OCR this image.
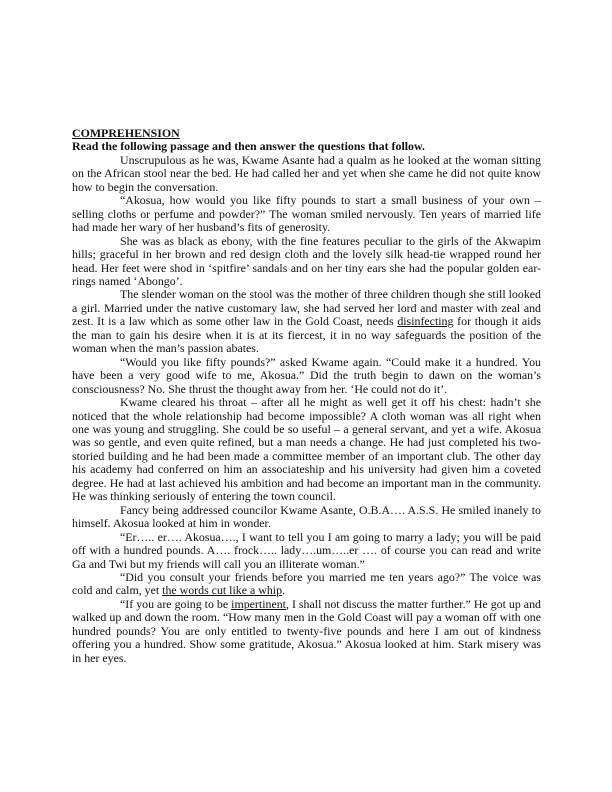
COMPREHENSION

Read the following passage and then answer the questions that follow.

Unscrupulous as he was, Kwame Asante had a qualm as he looked at the woman sitting on the African stool near the bed. He had called her and yet when she came he did not quite know how to begin the conversation.

“Akosua, how would you like fifty pounds to start a small business of your own – selling cloths or perfume and powder?” The woman smiled nervously. Ten years of married life had made her wary of her husband’s fits of generosity.

She was as black as ebony, with the fine features peculiar to the girls of the Akwapim hills; graceful in her brown and red design cloth and the lovely silk head-tie wrapped round her head. Her feet were shod in ‘spitfire’ sandals and on her tiny ears she had the popular golden ear-rings named ‘Abongo’.

The slender woman on the stool was the mother of three children though she still looked a girl. Married under the native customary law, she had served her lord and master with zeal and zest. It is a law which as some other law in the Gold Coast, needs disinfecting for though it aids the man to gain his desire when it is at its fiercest, it in no way safeguards the position of the woman when the man’s passion abates.

“Would you like fifty pounds?” asked Kwame again. “Could make it a hundred. You have been a very good wife to me, Akosua.” Did the truth begin to dawn on the woman’s consciousness? No. She thrust the thought away from her. ‘He could not do it’.

Kwame cleared his throat – after all he might as well get it off his chest: hadn’t she noticed that the whole relationship had become impossible? A cloth woman was all right when one was young and struggling. She could be so useful – a general servant, and yet a wife. Akosua was so gentle, and even quite refined, but a man needs a change. He had just completed his two-storied building and he had been made a committee member of an important club. The other day his academy had conferred on him an associateship and his university had given him a coveted degree. He had at last achieved his ambition and had become an important man in the community. He was thinking seriously of entering the town council.

Fancy being addressed councilor Kwame Asante, O.B.A…. A.S.S. He smiled inanely to himself. Akosua looked at him in wonder.

“Er….. er…. Akosua…., I want to tell you I am going to marry a lady; you will be paid off with a hundred pounds. A…. frock….. lady….um…..er …. of course you can read and write Ga and Twi but my friends will call you an illiterate woman.”

“Did you consult your friends before you married me ten years ago?” The voice was cold and calm, yet the words cut like a whip.

“If you are going to be impertinent, I shall not discuss the matter further.” He got up and walked up and down the room. “How many men in the Gold Coast will pay a woman off with one hundred pounds? You are only entitled to twenty-five pounds and here I am out of kindness offering you a hundred. Show some gratitude, Akosua.” Akosua looked at him. Stark misery was in her eyes.
